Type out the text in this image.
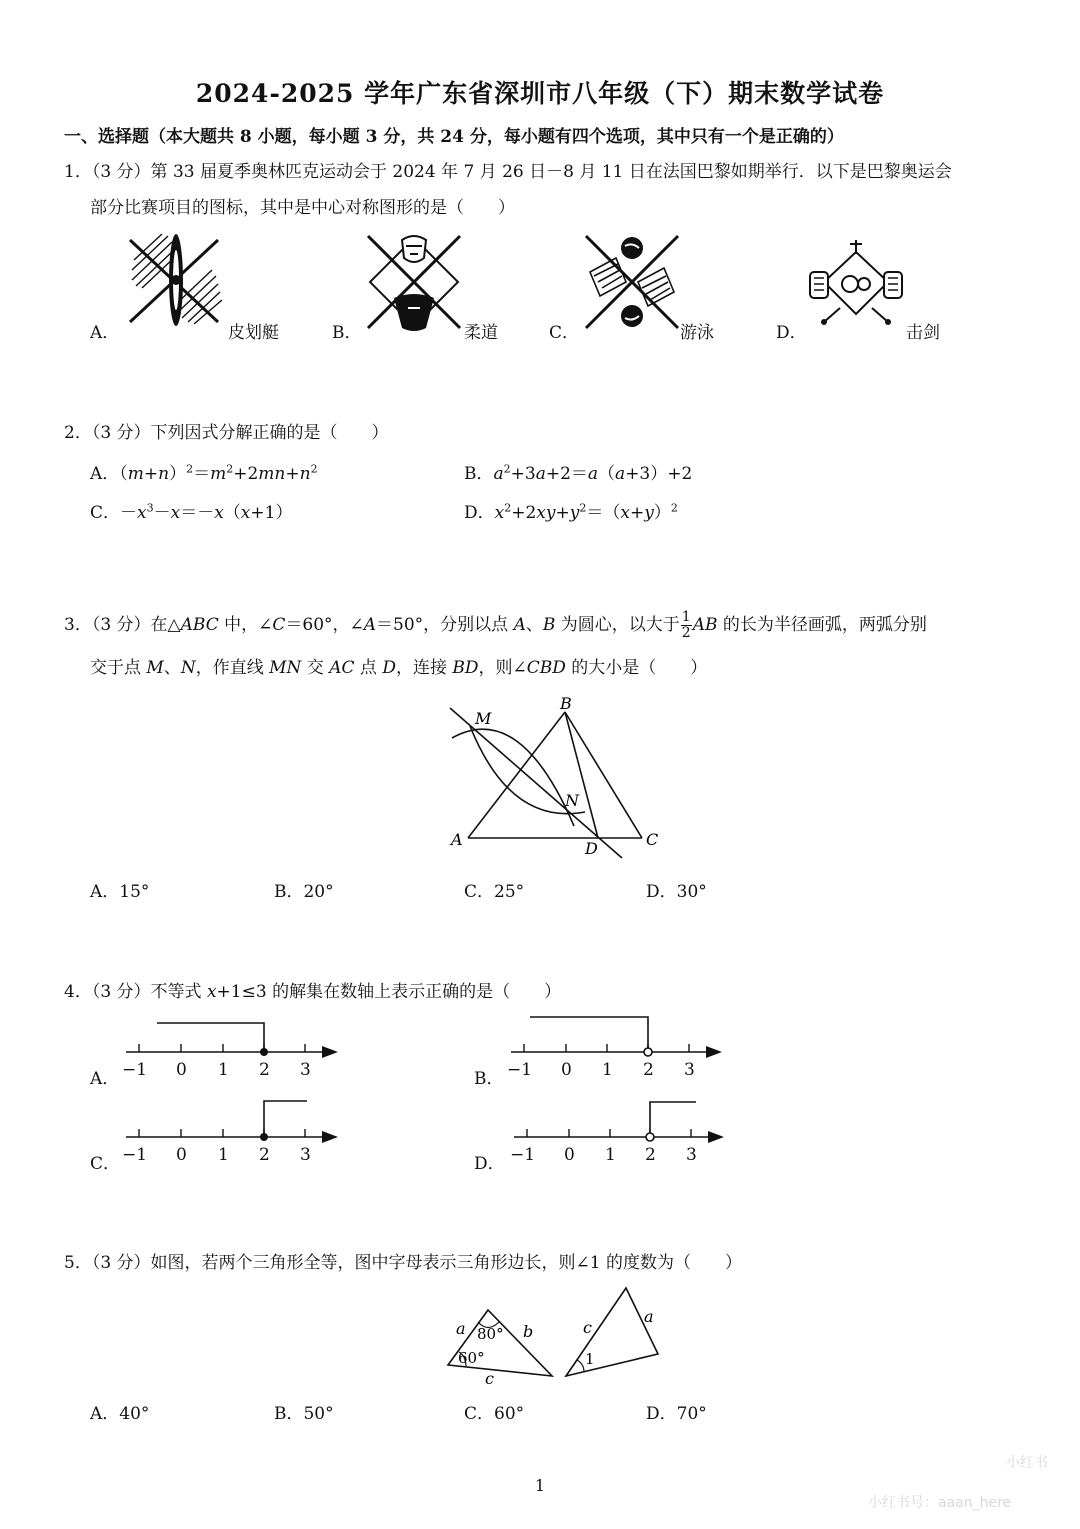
2024-2025 学年广东省深圳市八年级（下）期末数学试卷
一、选择题（本大题共 8 小题，每小题 3 分，共 24 分，每小题有四个选项，其中只有一个是正确的）
1．（3 分）第 33 届夏季奥林匹克运动会于 2024 年 7 月 26 日－8 月 11 日在法国巴黎如期举行．以下是巴黎奥运会
部分比赛项目的图标，其中是中心对称图形的是（　　）
A．	皮划艇	B．	柔道	C．	游泳	D．	击剑
2．（3 分）下列因式分解正确的是（　　）
A．$(m+n)^2=m^2+2mn+n^2$	B．$a^2+3a+2=a(a+3)+2$
C．$-x^3-x=-x(x+1)$	D．$x^2+2xy+y^2=(x+y)^2$
3．（3 分）在△ABC 中，∠C＝60°，∠A＝50°，分别以点 A、B 为圆心，以大于 $\frac{1}{2}$ AB 的长为半径画弧，两弧分别
交于点 M、N，作直线 MN 交 AC 点 D，连接 BD，则∠CBD 的大小是（　　）
M
B
N
A	D	C
A．15°	B．20°	C．25°	D．30°
4．（3 分）不等式 x+1≤3 的解集在数轴上表示正确的是（　　）
A．	B．
C．	D．
−1 0 1 2 3	−1 0 1 2 3
−1 0 1 2 3	−1 0 1 2 3
5．（3 分）如图，若两个三角形全等，图中字母表示三角形边长，则∠1 的度数为（　　）
a 80° b
60°
c
c
a
1
A．40°	B．50°	C．60°	D．70°
1
小红书
小红书号：aaan_here
